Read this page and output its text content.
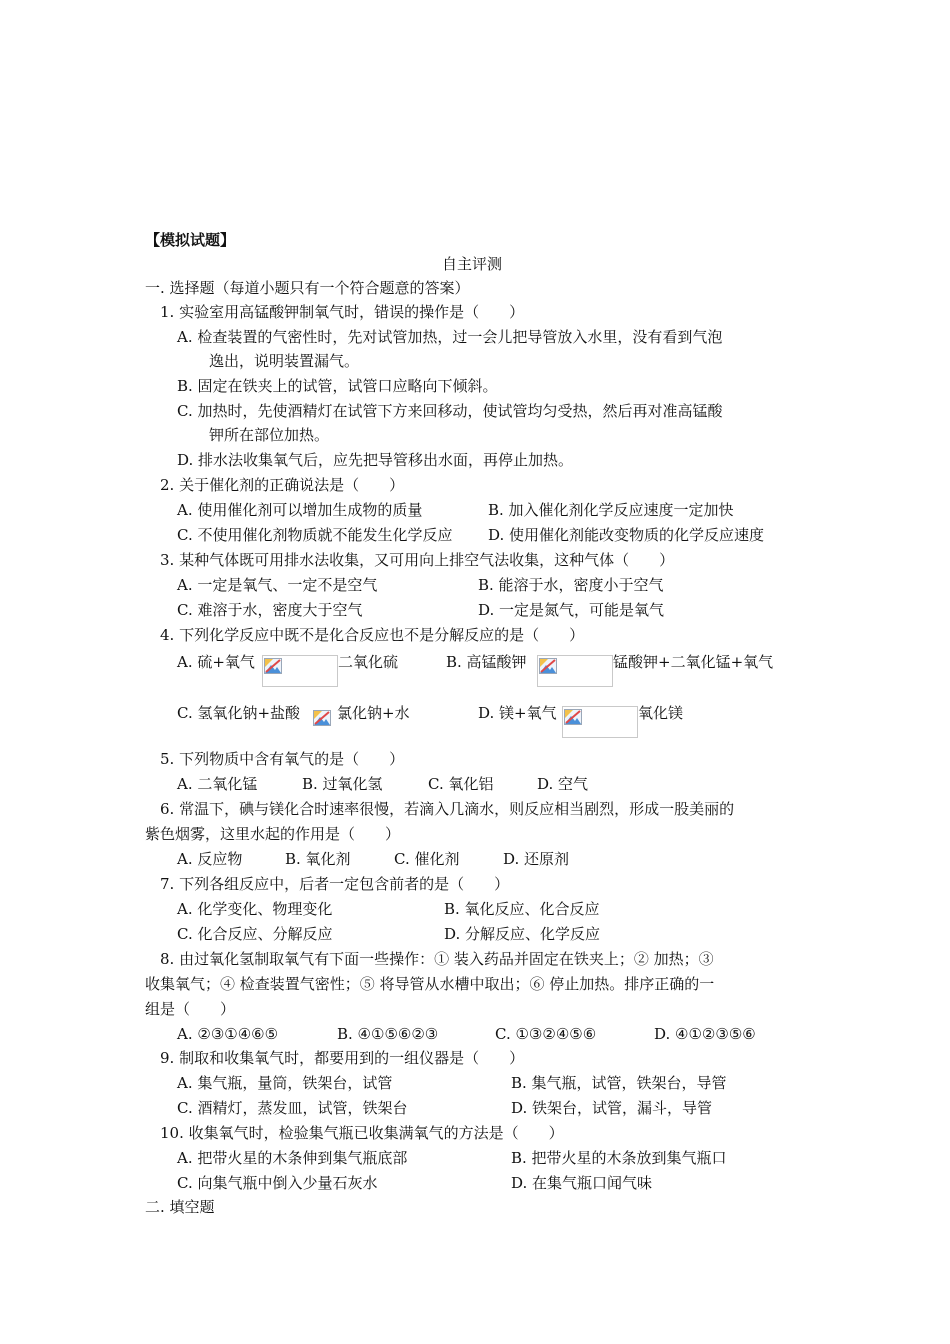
【模拟试题】
自主评测
一. 选择题（每道小题只有一个符合题意的答案）
1. 实验室用高锰酸钾制氧气时，错误的操作是（　　）
A. 检查装置的气密性时，先对试管加热，过一会儿把导管放入水里，没有看到气泡
逸出，说明装置漏气。
B. 固定在铁夹上的试管，试管口应略向下倾斜。
C. 加热时，先使酒精灯在试管下方来回移动，使试管均匀受热，然后再对准高锰酸
钾所在部位加热。
D. 排水法收集氧气后，应先把导管移出水面，再停止加热。
2. 关于催化剂的正确说法是（　　）
A. 使用催化剂可以增加生成物的质量	B. 加入催化剂化学反应速度一定加快
C. 不使用催化剂物质就不能发生化学反应 D. 使用催化剂能改变物质的化学反应速度
3. 某种气体既可用排水法收集，又可用向上排空气法收集，这种气体（　　）
A. 一定是氧气、一定不是空气	B. 能溶于水，密度小于空气
C. 难溶于水，密度大于空气	D. 一定是氮气，可能是氧气
4. 下列化学反应中既不是化合反应也不是分解反应的是（　　）
A. 硫+氧气	二氧化硫	B. 高锰酸钾	锰酸钾+二氧化锰+氧气
C. 氢氧化钠+盐酸 氯化钠+水	D. 镁+氧气	氧化镁
5. 下列物质中含有氧气的是（　　）
A. 二氧化锰	B. 过氧化氢	C. 氧化铝	D. 空气
6. 常温下，碘与镁化合时速率很慢，若滴入几滴水，则反应相当剧烈，形成一股美丽的
紫色烟雾，这里水起的作用是（　　）
A. 反应物	B. 氧化剂	C. 催化剂	D. 还原剂
7. 下列各组反应中，后者一定包含前者的是（　　）
A. 化学变化、物理变化	B. 氧化反应、化合反应
C. 化合反应、分解反应	D. 分解反应、化学反应
8. 由过氧化氢制取氧气有下面一些操作：① 装入药品并固定在铁夹上；② 加热；③
收集氧气；④ 检查装置气密性；⑤ 将导管从水槽中取出；⑥ 停止加热。排序正确的一
组是（　　）
A. ②③①④⑥⑤	B. ④①⑤⑥②③	C. ①③②④⑤⑥	D. ④①②③⑤⑥
9. 制取和收集氧气时，都要用到的一组仪器是（　　）
A. 集气瓶，量筒，铁架台，试管	B. 集气瓶，试管，铁架台，导管
C. 酒精灯，蒸发皿，试管，铁架台	D. 铁架台，试管，漏斗，导管
10. 收集氧气时，检验集气瓶已收集满氧气的方法是（　　）
A. 把带火星的木条伸到集气瓶底部	B. 把带火星的木条放到集气瓶口
C. 向集气瓶中倒入少量石灰水	D. 在集气瓶口闻气味
二. 填空题
